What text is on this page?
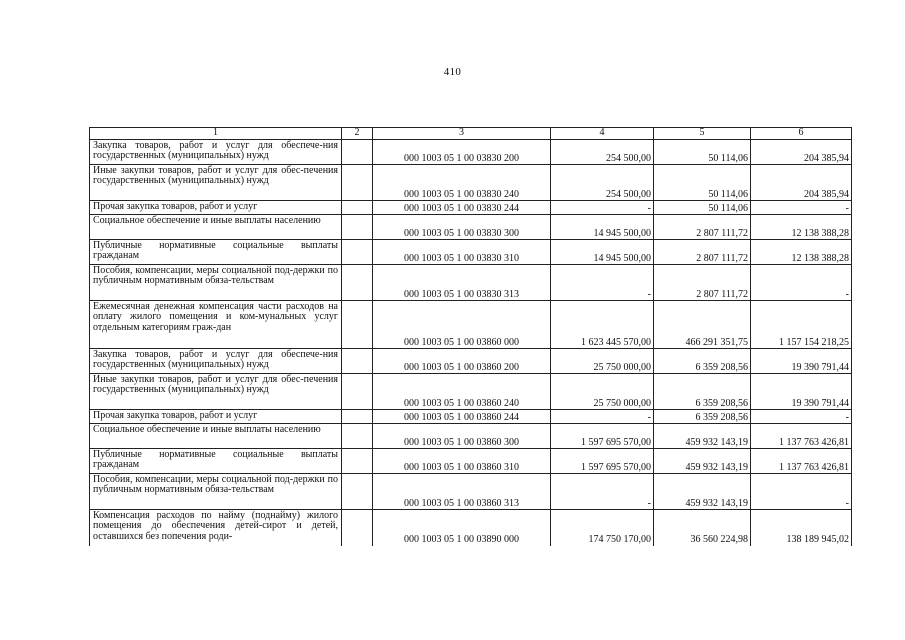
410
1	2	3	4	5	6
Закупка товаров, работ и услуг для обеспече-ния государственных (муниципальных) нужд		000 1003 05 1 00 03830 200	254 500,00	50 114,06	204 385,94
Иные закупки товаров, работ и услуг для обес-печения государственных (муниципальных) нужд		000 1003 05 1 00 03830 240	254 500,00	50 114,06	204 385,94
Прочая закупка товаров, работ и услуг		000 1003 05 1 00 03830 244	-	50 114,06	-
Социальное обеспечение и иные выплаты населению		000 1003 05 1 00 03830 300	14 945 500,00	2 807 111,72	12 138 388,28
Публичные нормативные социальные выплаты гражданам		000 1003 05 1 00 03830 310	14 945 500,00	2 807 111,72	12 138 388,28
Пособия, компенсации, меры социальной под-держки по публичным нормативным обяза-тельствам		000 1003 05 1 00 03830 313	-	2 807 111,72	-
Ежемесячная денежная компенсация части расходов на оплату жилого помещения и ком-мунальных услуг отдельным категориям граж-дан		000 1003 05 1 00 03860 000	1 623 445 570,00	466 291 351,75	1 157 154 218,25
Закупка товаров, работ и услуг для обеспече-ния государственных (муниципальных) нужд		000 1003 05 1 00 03860 200	25 750 000,00	6 359 208,56	19 390 791,44
Иные закупки товаров, работ и услуг для обес-печения государственных (муниципальных) нужд		000 1003 05 1 00 03860 240	25 750 000,00	6 359 208,56	19 390 791,44
Прочая закупка товаров, работ и услуг		000 1003 05 1 00 03860 244	-	6 359 208,56	-
Социальное обеспечение и иные выплаты населению		000 1003 05 1 00 03860 300	1 597 695 570,00	459 932 143,19	1 137 763 426,81
Публичные нормативные социальные выплаты гражданам		000 1003 05 1 00 03860 310	1 597 695 570,00	459 932 143,19	1 137 763 426,81
Пособия, компенсации, меры социальной под-держки по публичным нормативным обяза-тельствам		000 1003 05 1 00 03860 313	-	459 932 143,19	-
Компенсация расходов по найму (поднайму) жилого помещения до обеспечения детей-сирот и детей, оставшихся без попечения роди-		000 1003 05 1 00 03890 000	174 750 170,00	36 560 224,98	138 189 945,02
